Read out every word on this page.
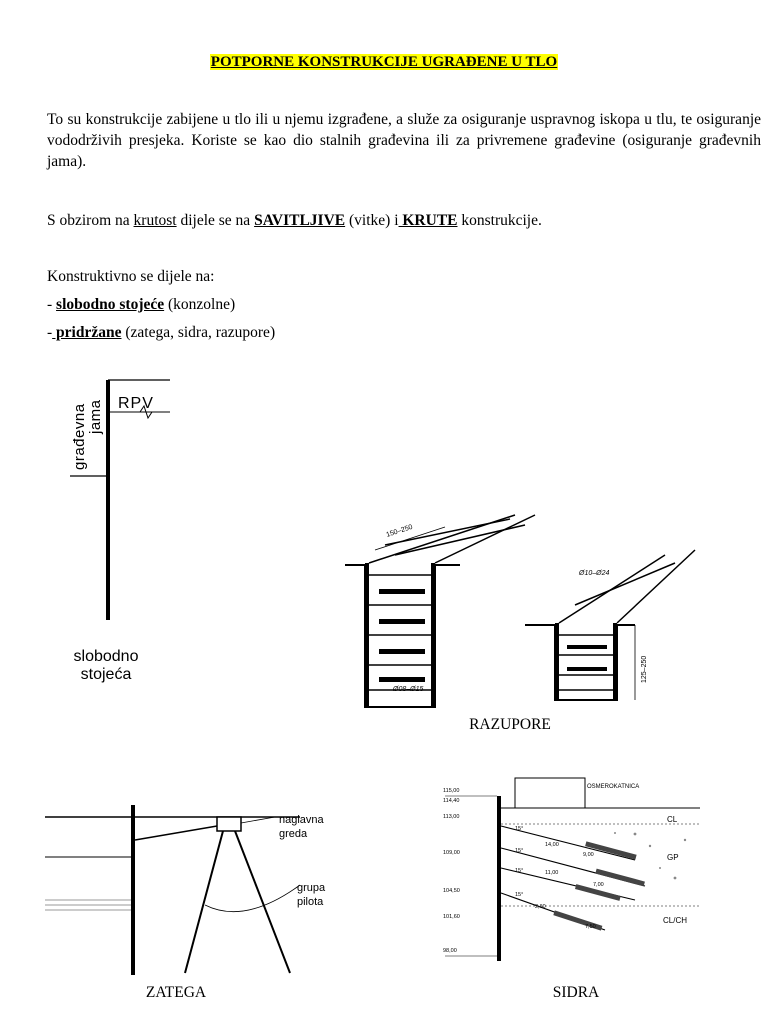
POTPORNE KONSTRUKCIJE UGRAĐENE U TLO
To su konstrukcije zabijene u tlo ili u njemu izgrađene, a služe za osiguranje uspravnog iskopa u tlu, te osiguranje vododrživih presjeka. Koriste se kao dio stalnih građevina ili za privremene građevine (osiguranje građevnih jama).
S obzirom na krutost dijele se na SAVITLJIVE (vitke) i KRUTE konstrukcije.
Konstruktivno se dijele na:
- slobodno stojeće (konzolne)
- pridržane (zatega, sidra, razupore)
RPV
građevna jama
slobodno
stojeća
150–250
Ø08–Ø15
Ø10–Ø24
125–250
RAZUPORE
naglavna
greda
grupa
pilota
ZATEGA
OSMEROKATNICA
115,00
114,40
113,00
109,00
104,50
101,60
98,00
15°
15°
15°
15°
14,00
9,00
11,00
7,00
2,60
7,50
CL
GP
CL/CH
SIDRA
